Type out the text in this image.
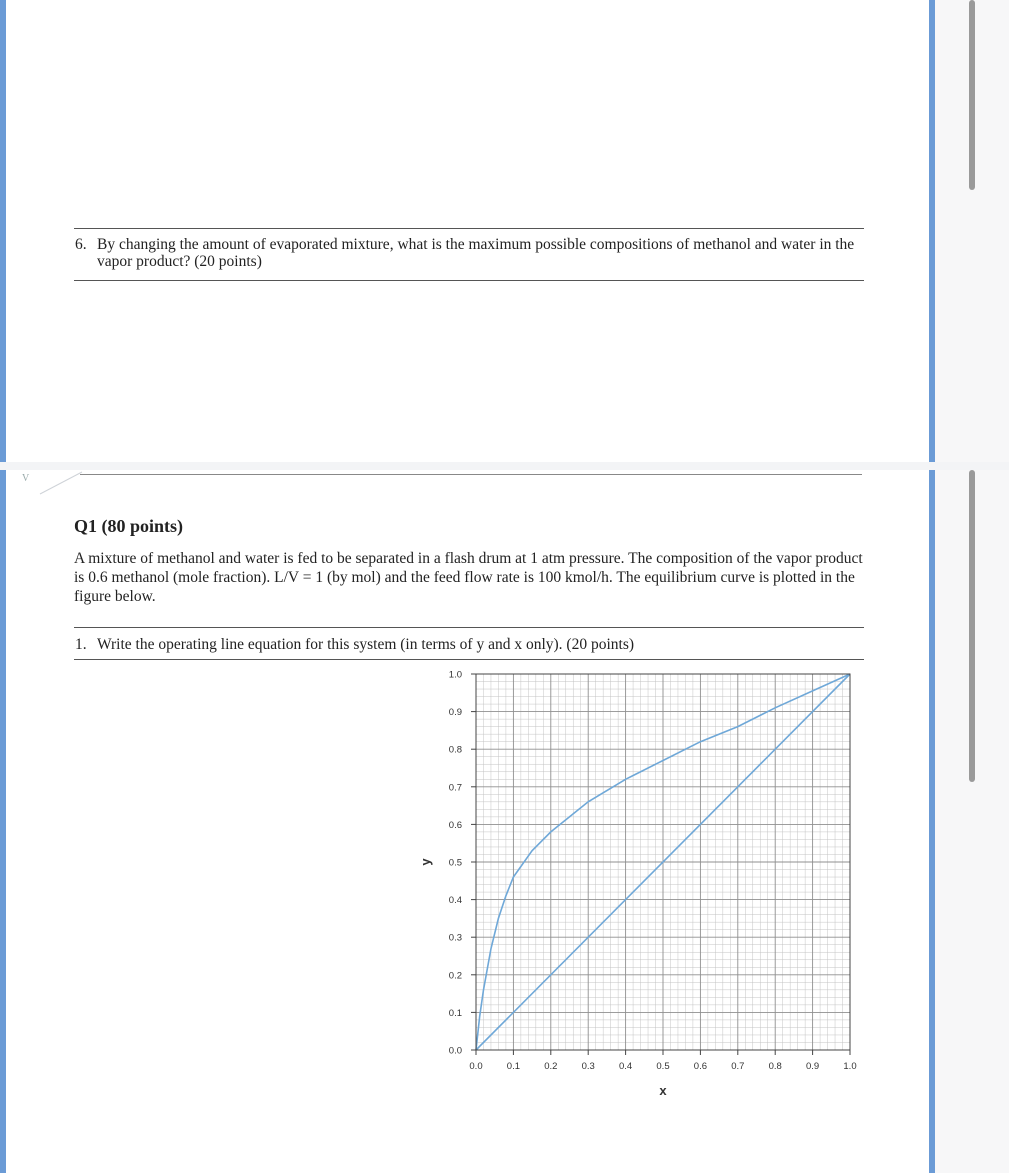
6. By changing the amount of evaporated mixture, what is the maximum possible compositions of methanol and water in the vapor product? (20 points)
V
Q1 (80 points)
A mixture of methanol and water is fed to be separated in a flash drum at 1 atm pressure. The composition of the vapor product is 0.6 methanol (mole fraction). L/V = 1 (by mol) and the feed flow rate is 100 kmol/h. The equilibrium curve is plotted in the figure below.
1. Write the operating line equation for this system (in terms of y and x only). (20 points)
0.0
0.1
0.2
0.3
0.4
0.5
0.6
0.7
0.8
0.9
1.0
0.0	0.1	0.2	0.3	0.4	0.5	0.6	0.7	0.8	0.9	1.0
x
y
